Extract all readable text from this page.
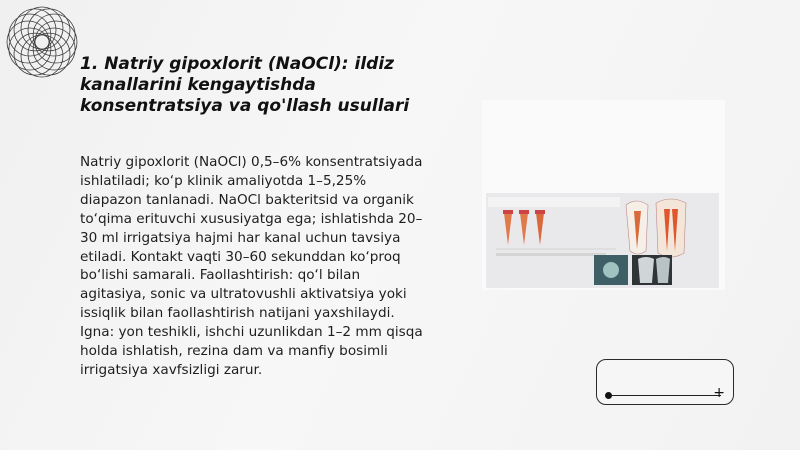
1. Natriy gipoxlorit (NaOCl): ildiz
kanallarini kengaytishda
konsentratsiya va qo'llash usullari

Natriy gipoxlorit (NaOCl) 0,5–6% konsentratsiyada ishlatiladi; ko‘p klinik amaliyotda 1–5,25% diapazon tanlanadi. NaOCl bakteritsid va organik to‘qima erituvchi xususiyatga ega; ishlatishda 20–30 ml irrigatsiya hajmi har kanal uchun tavsiya etiladi. Kontakt vaqti 30–60 sekunddan ko‘proq bo‘lishi samarali. Faollashtirish: qo‘l bilan agitasiya, sonic va ultratovushli aktivatsiya yoki issiqlik bilan faollashtirish natijani yaxshilaydi. Igna: yon teshikli, ishchi uzunlikdan 1–2 mm qisqa holda ishlatish, rezina dam va manfiy bosimli irrigatsiya xavfsizligi zarur.

+
